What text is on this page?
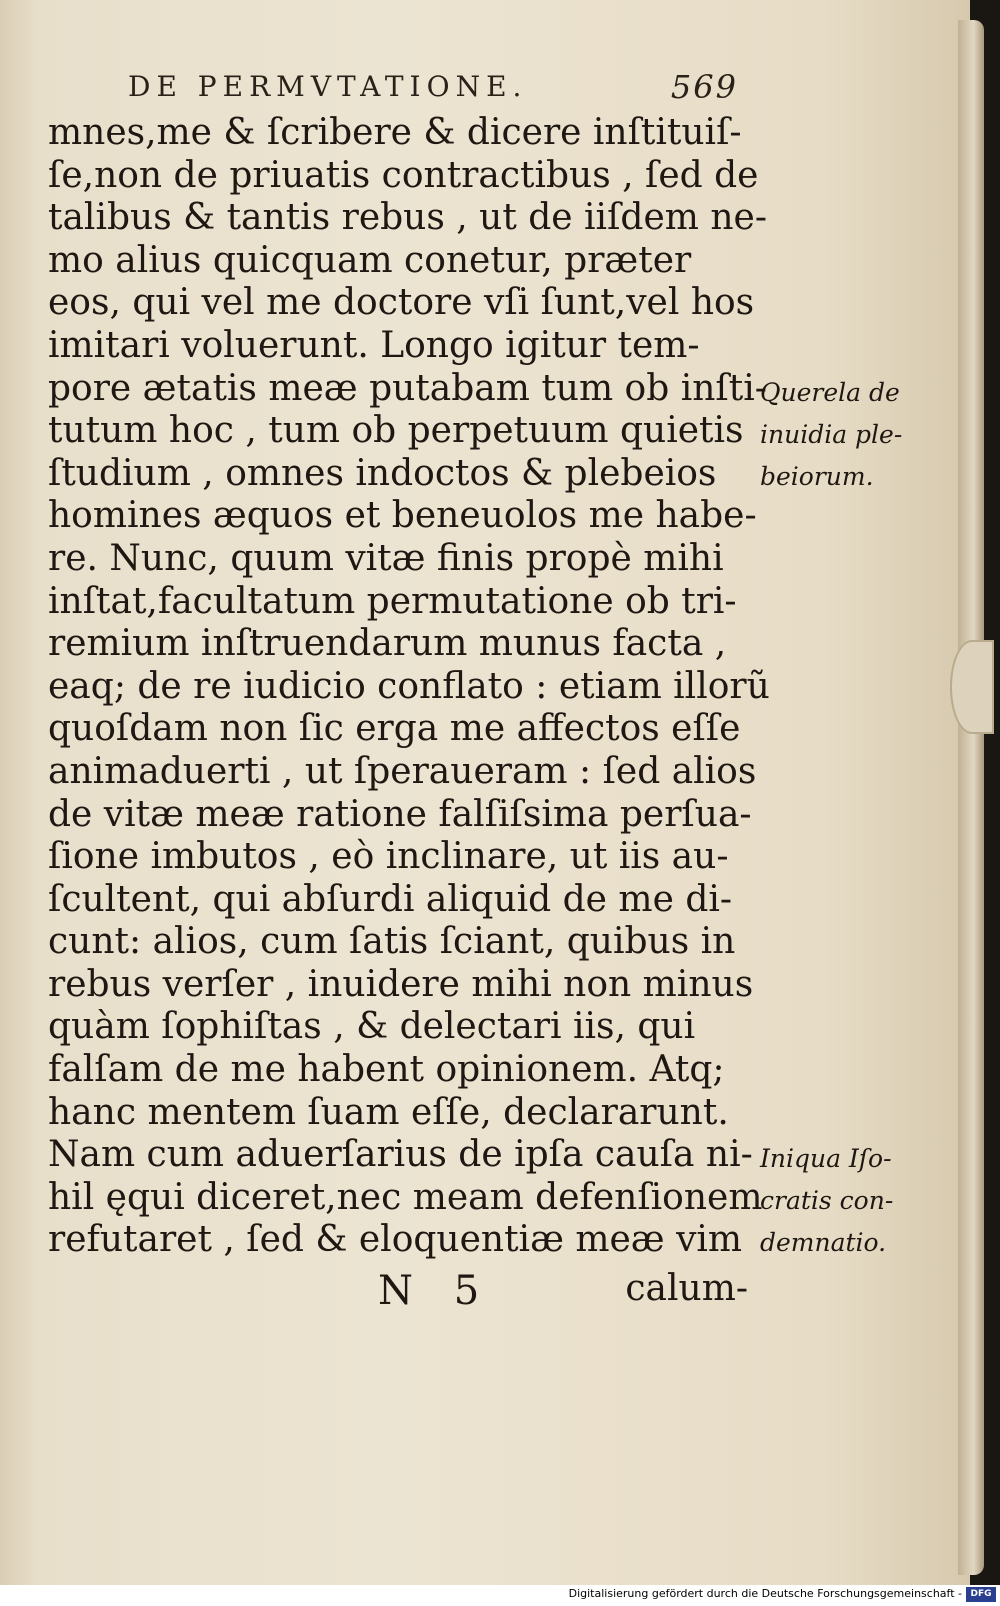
DE PERMVTATIONE.	569
mnes,me & ſcribere & dicere inſtituiſ-
ſe,non de priuatis contractibus , ſed de
talibus & tantis rebus , ut de iiſdem ne-
mo alius quicquam conetur, præter
eos, qui vel me doctore vſi ſunt,vel hos
imitari voluerunt. Longo igitur tem-
pore ætatis meæ putabam tum ob inſti-
tutum hoc , tum ob perpetuum quietis
ſtudium , omnes indoctos & plebeios
homines æquos et beneuolos me habe-
re. Nunc, quum vitæ finis propè mihi
inſtat,facultatum permutatione ob tri-
remium inſtruendarum munus facta ,
eaq; de re iudicio conflato : etiam illorũ
quoſdam non ſic erga me affectos eſſe
animaduerti , ut ſperaueram : ſed alios
de vitæ meæ ratione falſiſsima perſua-
ſione imbutos , eò inclinare, ut iis au-
ſcultent, qui abſurdi aliquid de me di-
cunt: alios, cum ſatis ſciant, quibus in
rebus verſer , inuidere mihi non minus
quàm ſophiſtas , & delectari iis, qui
falſam de me habent opinionem. Atq;
hanc mentem ſuam eſſe, declararunt.
Nam cum aduerſarius de ipſa cauſa ni-
hil ęqui diceret,nec meam defenſionem
refutaret , ſed & eloquentiæ meæ vim
Querela de
inuidia ple-
beiorum.
Iniqua Iſo-
cratis con-
demnatio.
N 5	calum-
Digitalisierung gefördert durch die Deutsche Forschungsgemeinschaft - DFG
